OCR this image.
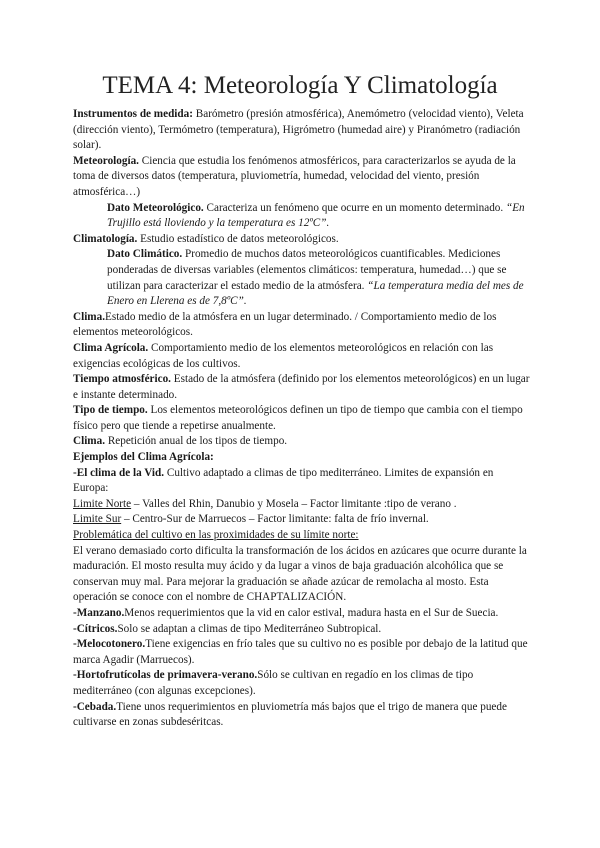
TEMA 4: Meteorología Y Climatología

Instrumentos de medida: Barómetro (presión atmosférica), Anemómetro (velocidad viento), Veleta (dirección viento), Termómetro (temperatura), Higrómetro (humedad aire) y Piranómetro (radiación solar).

Meteorología. Ciencia que estudia los fenómenos atmosféricos, para caracterizarlos se ayuda de la toma de diversos datos (temperatura, pluviometría, humedad, velocidad del viento, presión atmosférica…)

Dato Meteorológico. Caracteriza un fenómeno que ocurre en un momento determinado. “En Trujillo está lloviendo y la temperatura es 12ºC”.

Climatología. Estudio estadístico de datos meteorológicos.

Dato Climático. Promedio de muchos datos meteorológicos cuantificables. Mediciones ponderadas de diversas variables (elementos climáticos: temperatura, humedad…) que se utilizan para caracterizar el estado medio de la atmósfera. “La temperatura media del mes de Enero en Llerena es de 7,8ºC”.

Clima.Estado medio de la atmósfera en un lugar determinado. / Comportamiento medio de los elementos meteorológicos.

Clima Agrícola. Comportamiento medio de los elementos meteorológicos en relación con las exigencias ecológicas de los cultivos.

Tiempo atmosférico. Estado de la atmósfera (definido por los elementos meteorológicos) en un lugar e instante determinado.

Tipo de tiempo. Los elementos meteorológicos definen un tipo de tiempo que cambia con el tiempo físico pero que tiende a repetirse anualmente.

Clima. Repetición anual de los tipos de tiempo.

Ejemplos del Clima Agrícola:

-El clima de la Vid. Cultivo adaptado a climas de tipo mediterráneo. Limites de expansión en Europa:

Limite Norte – Valles del Rhin, Danubio y Mosela – Factor limitante :tipo de verano .

Limite Sur – Centro-Sur de Marruecos – Factor limitante: falta de frío invernal.

Problemática del cultivo en las proximidades de su límite norte:

El verano demasiado corto dificulta la transformación de los ácidos en azúcares que ocurre durante la maduración. El mosto resulta muy ácido y da lugar a vinos de baja graduación alcohólica que se conservan muy mal. Para mejorar la graduación se añade azúcar de remolacha al mosto. Esta operación se conoce con el nombre de CHAPTALIZACIÓN.

-Manzano.Menos requerimientos que la vid en calor estival, madura hasta en el Sur de Suecia.

-Cítricos.Solo se adaptan a climas de tipo Mediterráneo Subtropical.

-Melocotonero.Tiene exigencias en frío tales que su cultivo no es posible por debajo de la latitud que marca Agadir (Marruecos).

-Hortofrutícolas de primavera-verano.Sólo se cultivan en regadío en los climas de tipo mediterráneo (con algunas excepciones).

-Cebada.Tiene unos requerimientos en pluviometría más bajos que el trigo de manera que puede cultivarse en zonas subdeséritcas.
